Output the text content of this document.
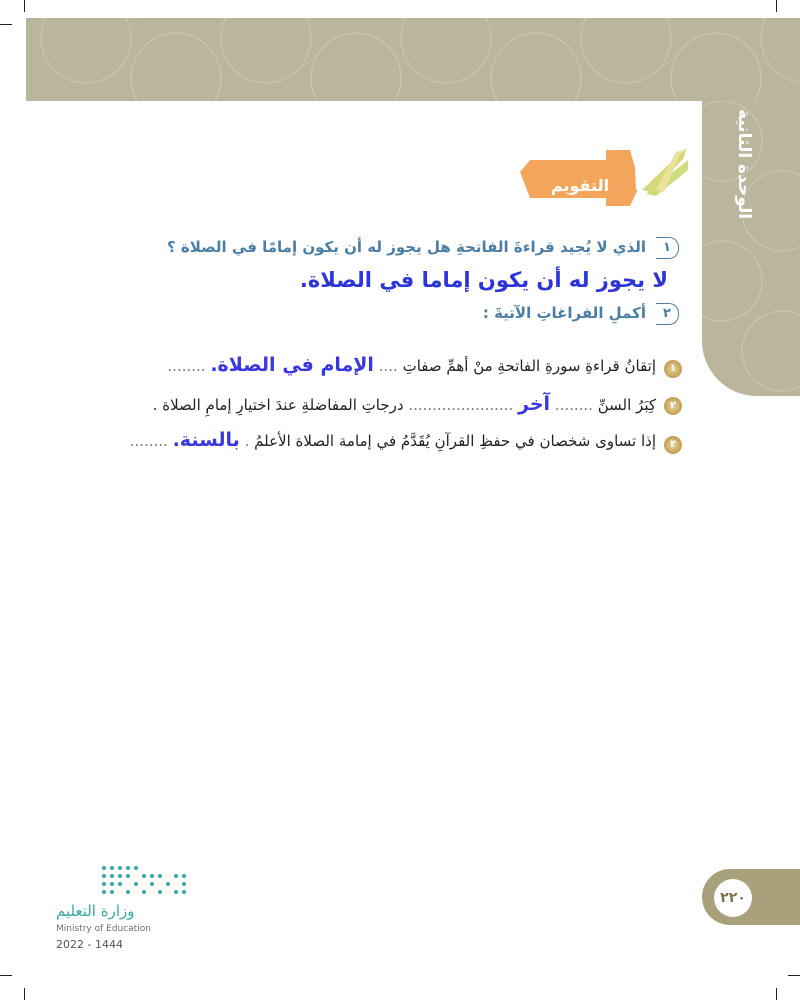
الوحدة الثانية
التقويم
١
الذي لا يُجيد قراءةَ الفاتحةِ هل يجوز له أن يكون إمامًا في الصلاة ؟
لا يجوز له أن يكون إماما في الصلاة.
٢
أكملِ الفراغاتِ الآتيةَ :
١
إتقانُ قراءةِ سورةِ الفاتحةِ منْ أهمِّ صفاتِ .... الإمام في الصلاة. ........
٢
كِبَرُ السنِّ ........ آخر ...................... درجاتِ المفاضلةِ عندَ اختيارِ إمامِ الصلاة .
٣
إذا تساوى شخصان في حفظِ القرآنِ يُقَدَّمُ في إمامة الصلاة الأعلمُ . بالسنة. ........
٢٢٠
وزارة التعليم
Ministry of Education
2022 - 1444
